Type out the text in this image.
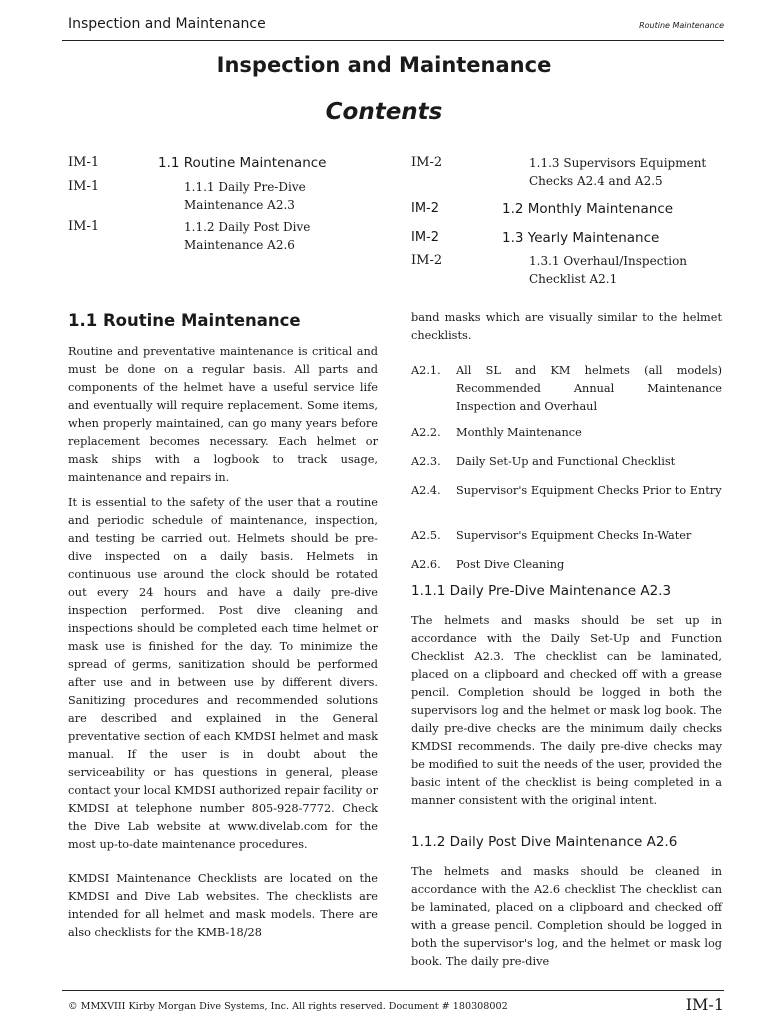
Inspection and Maintenance	Routine Maintenance
Inspection and Maintenance
Contents
IM-1	1.1 Routine Maintenance
IM-1	1.1.1 Daily Pre-Dive Maintenance A2.3
IM-1	1.1.2 Daily Post Dive Maintenance A2.6
IM-2	1.1.3 Supervisors Equipment Checks A2.4 and A2.5
IM-2	1.2 Monthly Maintenance
IM-2	1.3 Yearly Maintenance
IM-2	1.3.1 Overhaul/Inspection Checklist A2.1
1.1 Routine Maintenance
Routine and preventative maintenance is critical and must be done on a regular basis. All parts and components of the helmet have a useful service life and eventually will require replacement. Some items, when properly maintained, can go many years before replacement becomes necessary. Each helmet or mask ships with a logbook to track usage, maintenance and repairs in.
It is essential to the safety of the user that a routine and periodic schedule of maintenance, inspection, and testing be carried out. Helmets should be pre-dive inspected on a daily basis. Helmets in continuous use around the clock should be rotated out every 24 hours and have a daily pre-dive inspection performed. Post dive cleaning and inspections should be completed each time helmet or mask use is finished for the day. To minimize the spread of germs, sanitization should be performed after use and in between use by different divers. Sanitizing procedures and recommended solutions are described and explained in the General preventative section of each KMDSI helmet and mask manual. If the user is in doubt about the serviceability or has questions in general, please contact your local KMDSI authorized repair facility or KMDSI at telephone number 805-928-7772. Check the Dive Lab website at www.divelab.com for the most up-to-date maintenance procedures.
KMDSI Maintenance Checklists are located on the KMDSI and Dive Lab websites. The checklists are intended for all helmet and mask models. There are also checklists for the KMB-18/28
band masks which are visually similar to the helmet checklists.
A2.1. All SL and KM helmets (all models) Recommended Annual Maintenance Inspection and Overhaul
A2.2. Monthly Maintenance
A2.3. Daily Set-Up and Functional Checklist
A2.4. Supervisor's Equipment Checks Prior to Entry
A2.5. Supervisor's Equipment Checks In-Water
A2.6. Post Dive Cleaning
1.1.1 Daily Pre-Dive Maintenance A2.3
The helmets and masks should be set up in accordance with the Daily Set-Up and Function Checklist A2.3. The checklist can be laminated, placed on a clipboard and checked off with a grease pencil. Completion should be logged in both the supervisors log and the helmet or mask log book. The daily pre-dive checks are the minimum daily checks KMDSI recommends. The daily pre-dive checks may be modified to suit the needs of the user, provided the basic intent of the checklist is being completed in a manner consistent with the original intent.
1.1.2 Daily Post Dive Maintenance A2.6
The helmets and masks should be cleaned in accordance with the A2.6 checklist The checklist can be laminated, placed on a clipboard and checked off with a grease pencil. Completion should be logged in both the supervisor's log, and the helmet or mask log book. The daily pre-dive
© MMXVIII Kirby Morgan Dive Systems, Inc. All rights reserved. Document # 180308002	IM-1
